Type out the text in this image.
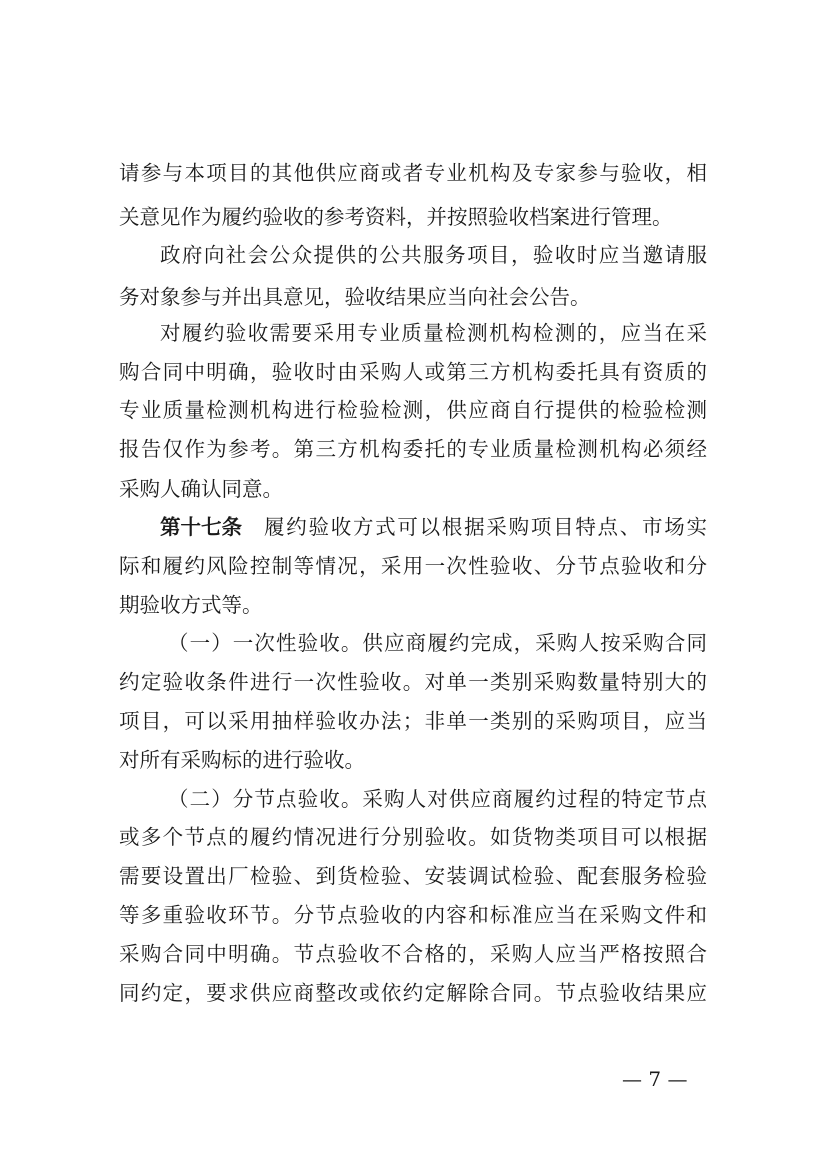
请参与本项目的其他供应商或者专业机构及专家参与验收，相
关意见作为履约验收的参考资料，并按照验收档案进行管理。
政府向社会公众提供的公共服务项目，验收时应当邀请服
务对象参与并出具意见，验收结果应当向社会公告。
对履约验收需要采用专业质量检测机构检测的，应当在采
购合同中明确，验收时由采购人或第三方机构委托具有资质的
专业质量检测机构进行检验检测，供应商自行提供的检验检测
报告仅作为参考。第三方机构委托的专业质量检测机构必须经
采购人确认同意。
第十七条 履约验收方式可以根据采购项目特点、市场实
际和履约风险控制等情况，采用一次性验收、分节点验收和分
期验收方式等。
（一）一次性验收。供应商履约完成，采购人按采购合同
约定验收条件进行一次性验收。对单一类别采购数量特别大的
项目，可以采用抽样验收办法；非单一类别的采购项目，应当
对所有采购标的进行验收。
（二）分节点验收。采购人对供应商履约过程的特定节点
或多个节点的履约情况进行分别验收。如货物类项目可以根据
需要设置出厂检验、到货检验、安装调试检验、配套服务检验
等多重验收环节。分节点验收的内容和标准应当在采购文件和
采购合同中明确。节点验收不合格的，采购人应当严格按照合
同约定，要求供应商整改或依约定解除合同。节点验收结果应
— 7 —
